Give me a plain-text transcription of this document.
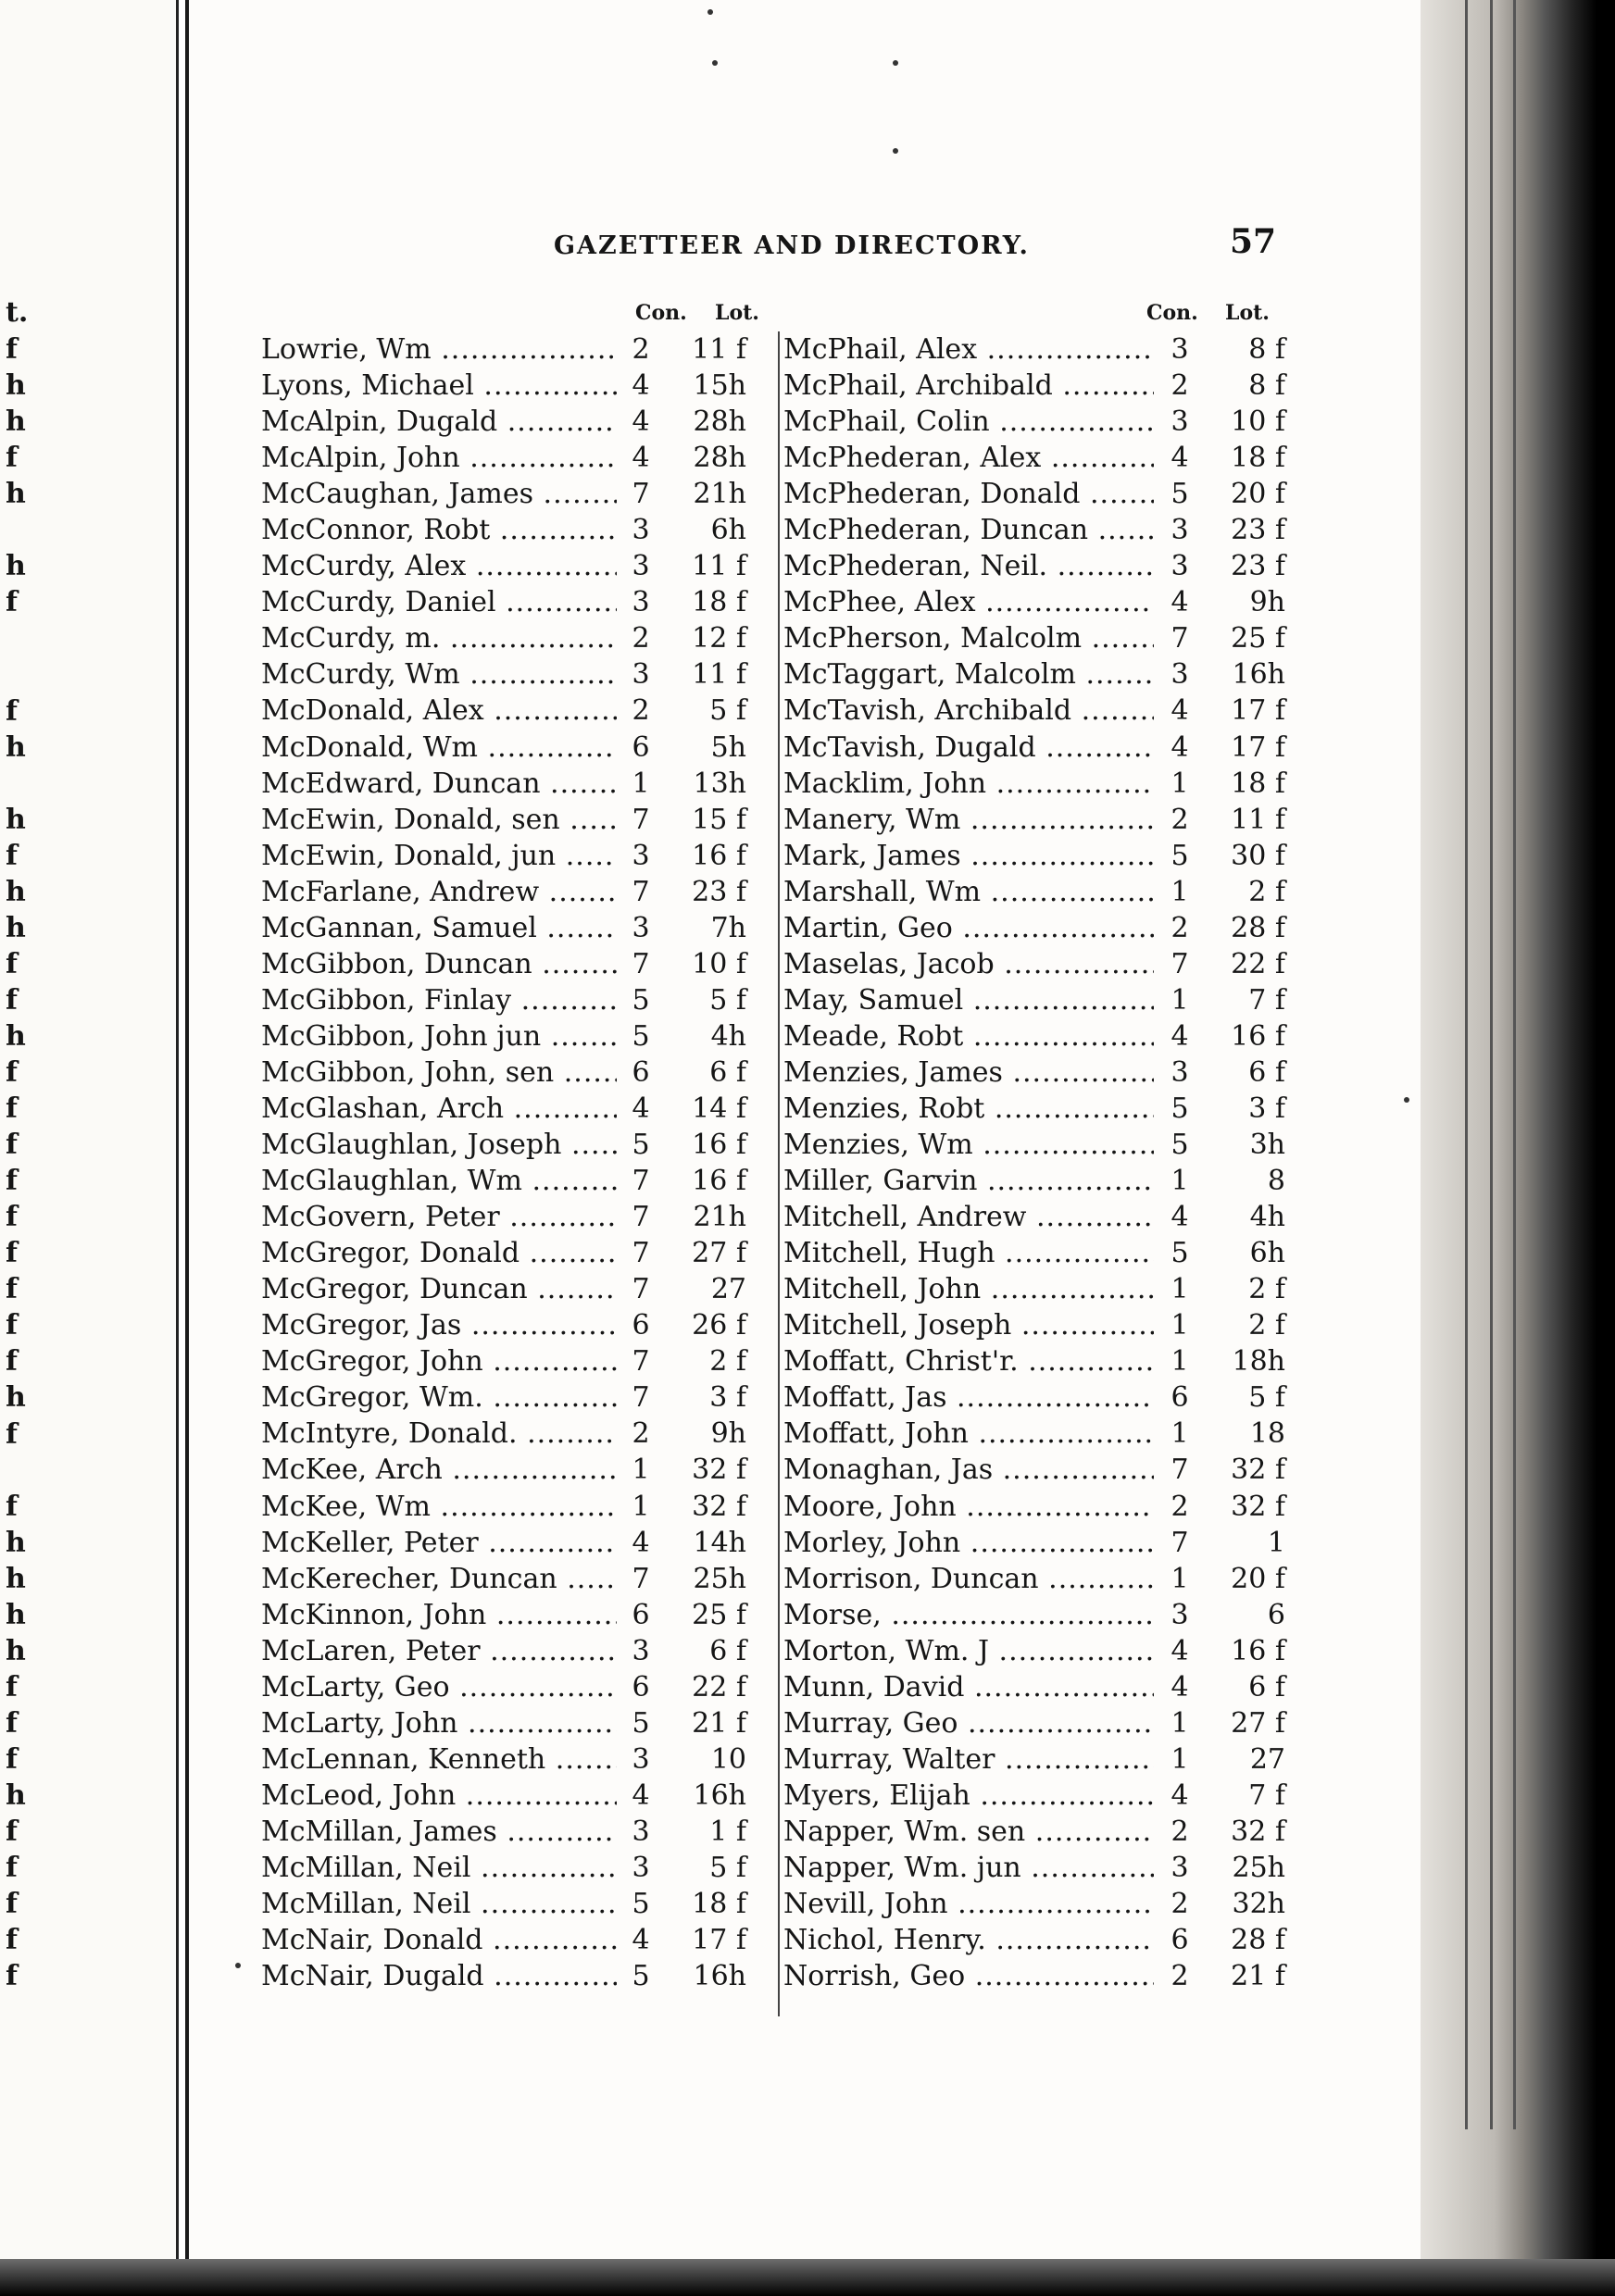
t.
f
h
h
f
h
h
f
f
h
h
f
h
h
f
f
h
f
f
f
f
f
f
f
f
f
h
f
f
h
h
h
h
f
f
f
h
f
f
f
f
f
GAZETTEER AND DIRECTORY.	57
Con. Lot.	Con. Lot.
Lowrie, Wm .....	2	11 f
Lyons, Michael .....	4	15h
McAlpin, Dugald .....	4	28h
McAlpin, John .....	4	28h
McCaughan, James .....	7	21h
McConnor, Robt .....	3	6h
McCurdy, Alex .....	3	11 f
McCurdy, Daniel .....	3	18 f
McCurdy, m. .....	2	12 f
McCurdy, Wm .....	3	11 f
McDonald, Alex .....	2	5 f
McDonald, Wm .....	6	5h
McEdward, Duncan .....	1	13h
McEwin, Donald, sen .....	7	15 f
McEwin, Donald, jun .....	3	16 f
McFarlane, Andrew .....	7	23 f
McGannan, Samuel .....	3	7h
McGibbon, Duncan .....	7	10 f
McGibbon, Finlay .....	5	5 f
McGibbon, John jun .....	5	4h
McGibbon, John, sen .....	6	6 f
McGlashan, Arch .....	4	14 f
McGlaughlan, Joseph .....	5	16 f
McGlaughlan, Wm .....	7	16 f
McGovern, Peter .....	7	21h
McGregor, Donald .....	7	27 f
McGregor, Duncan .....	7	27
McGregor, Jas .....	6	26 f
McGregor, John .....	7	2 f
McGregor, Wm. .....	7	3 f
McIntyre, Donald. .....	2	9h
McKee, Arch .....	1	32 f
McKee, Wm .....	1	32 f
McKeller, Peter .....	4	14h
McKerecher, Duncan .....	7	25h
McKinnon, John .....	6	25 f
McLaren, Peter .....	3	6 f
McLarty, Geo .....	6	22 f
McLarty, John .....	5	21 f
McLennan, Kenneth .....	3	10
McLeod, John .....	4	16h
McMillan, James .....	3	1 f
McMillan, Neil .....	3	5 f
McMillan, Neil .....	5	18 f
McNair, Donald .....	4	17 f
McNair, Dugald .....	5	16h
McPhail, Alex .....	3	8 f
McPhail, Archibald .....	2	8 f
McPhail, Colin .....	3	10 f
McPhederan, Alex .....	4	18 f
McPhederan, Donald .....	5	20 f
McPhederan, Duncan .....	3	23 f
McPhederan, Neil. .....	3	23 f
McPhee, Alex .....	4	9h
McPherson, Malcolm .....	7	25 f
McTaggart, Malcolm .....	3	16h
McTavish, Archibald .....	4	17 f
McTavish, Dugald .....	4	17 f
Macklim, John .....	1	18 f
Manery, Wm .....	2	11 f
Mark, James .....	5	30 f
Marshall, Wm .....	1	2 f
Martin, Geo .....	2	28 f
Maselas, Jacob .....	7	22 f
May, Samuel .....	1	7 f
Meade, Robt .....	4	16 f
Menzies, James .....	3	6 f
Menzies, Robt .....	5	3 f
Menzies, Wm .....	5	3h
Miller, Garvin .....	1	8
Mitchell, Andrew .....	4	4h
Mitchell, Hugh .....	5	6h
Mitchell, John .....	1	2 f
Mitchell, Joseph .....	1	2 f
Moffatt, Christ'r. .....	1	18h
Moffatt, Jas .....	6	5 f
Moffatt, John .....	1	18
Monaghan, Jas .....	7	32 f
Moore, John .....	2	32 f
Morley, John .....	7	1
Morrison, Duncan .....	1	20 f
Morse, .....	3	6
Morton, Wm. J .....	4	16 f
Munn, David .....	4	6 f
Murray, Geo .....	1	27 f
Murray, Walter .....	1	27
Myers, Elijah .....	4	7 f
Napper, Wm. sen .....	2	32 f
Napper, Wm. jun .....	3	25h
Nevill, John .....	2	32h
Nichol, Henry. .....	6	28 f
Norrish, Geo .....	2	21 f
